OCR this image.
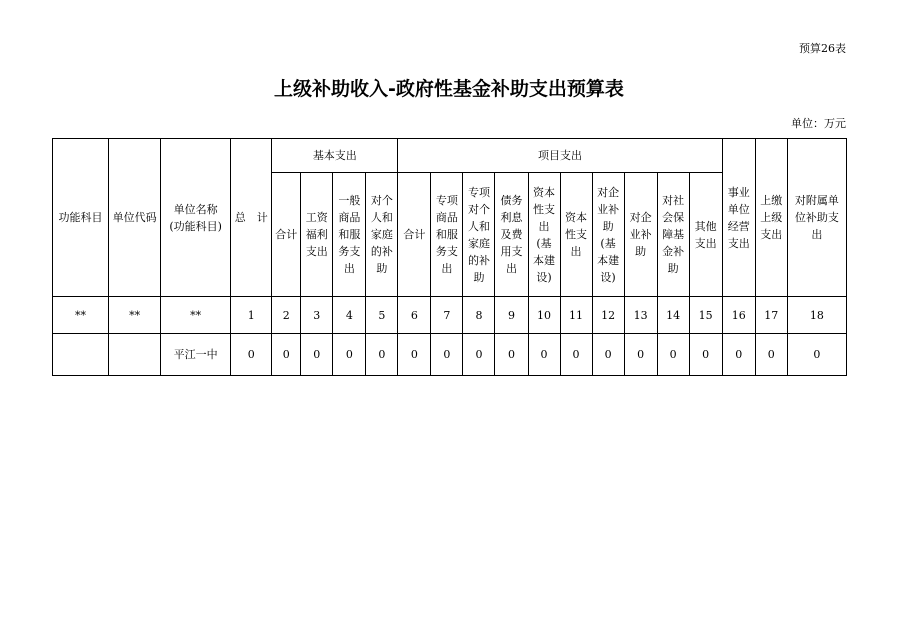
预算26表
上级补助收入-政府性基金补助支出预算表
单位：万元
功能科目	单位代码	单位名称(功能科目)	总　计	基本支出				项目支出										事业单位经营支出	上缴上级支出	对附属单位补助支出

				合计	工资福利支出	一般商品和服务支出	对个人和家庭的补助	合计	专项商品和服务支出	专项对个人和家庭的补助	债务利息及费用支出	资本性支出(基本建设)	资本性支出	对企业补助(基本建设)	对企业补助	对社会保障基金补助	其他支出			

**	**	**	1	2	3	4	5	6	7	8	9	10	11	12	13	14	15	16	17	18
		平江一中	0	0	0	0	0	0	0	0	0	0	0	0	0	0	0	0	0	0
